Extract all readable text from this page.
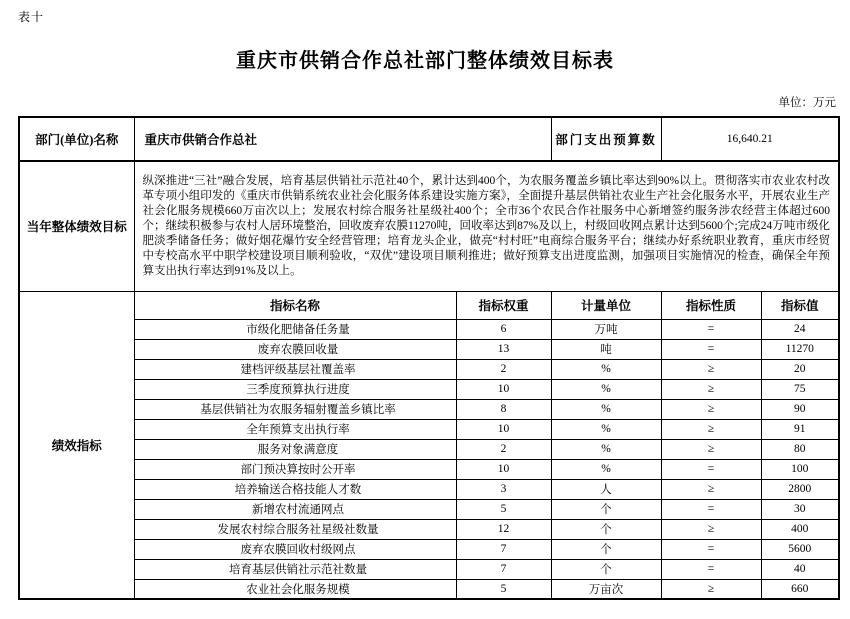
表十
重庆市供销合作总社部门整体绩效目标表
单位：万元
部门(单位)名称	重庆市供销合作总社		部门支出预算数	16,640.21	
当年整体绩效目标	纵深推进“三社”融合发展，培育基层供销社示范社40个，累计达到400个，为农服务覆盖乡镇比率达到90%以上。贯彻落实市农业农村改革专项小组印发的《重庆市供销系统农业社会化服务体系建设实施方案》，全面提升基层供销社农业生产社会化服务水平，开展农业生产社会化服务规模660万亩次以上；发展农村综合服务社星级社400个；全市36个农民合作社服务中心新增签约服务涉农经营主体超过600个；继续积极参与农村人居环境整治，回收废弃农膜11270吨，回收率达到87%及以上，村级回收网点累计达到5600个;完成24万吨市级化肥淡季储备任务；做好烟花爆竹安全经营管理；培育龙头企业，做亮“村村旺”电商综合服务平台；继续办好系统职业教育，重庆市经贸中专校高水平中职学校建设项目顺利验收，“双优”建设项目顺利推进；做好预算支出进度监测，加强项目实施情况的检查，确保全年预算支出执行率达到91%及以上。				
绩效指标	指标名称	指标权重	计量单位	指标性质	指标值
	市级化肥储备任务量	6	万吨	=	24
	废弃农膜回收量	13	吨	=	11270
	建档评级基层社覆盖率	2	%	≥	20
	三季度预算执行进度	10	%	≥	75
	基层供销社为农服务辐射覆盖乡镇比率	8	%	≥	90
	全年预算支出执行率	10	%	≥	91
	服务对象满意度	2	%	≥	80
	部门预决算按时公开率	10	%	=	100
	培养输送合格技能人才数	3	人	≥	2800
	新增农村流通网点	5	个	=	30
	发展农村综合服务社星级社数量	12	个	≥	400
	废弃农膜回收村级网点	7	个	=	5600
	培育基层供销社示范社数量	7	个	=	40
	农业社会化服务规模	5	万亩次	≥	660
